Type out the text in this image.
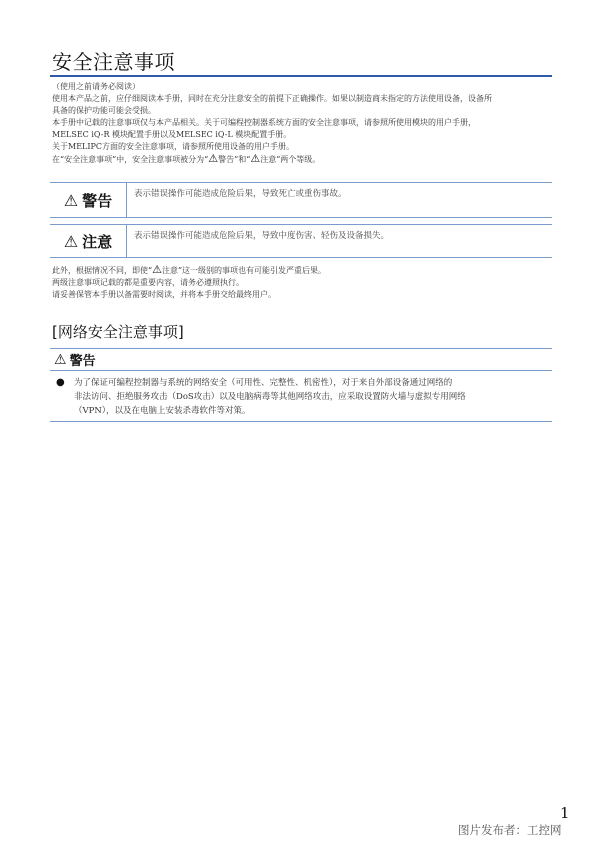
安全注意事项

（使用之前请务必阅读）

使用本产品之前，应仔细阅读本手册，同时在充分注意安全的前提下正确操作。如果以制造商未指定的方法使用设备，设备所

具备的保护功能可能会受损。

本手册中记载的注意事项仅与本产品相关。关于可编程控制器系统方面的安全注意事项，请参照所使用模块的用户手册，

MELSEC iQ-R 模块配置手册以及MELSEC iQ-L 模块配置手册。

关于MELIPC方面的安全注意事项，请参照所使用设备的用户手册。

在“安全注意事项”中，安全注意事项被分为“⚠警告”和“⚠注意”两个等级。

⚠ 警告	表示错误操作可能造成危险后果，导致死亡或重伤事故。
⚠ 注意	表示错误操作可能造成危险后果，导致中度伤害、轻伤及设备损失。

此外，根据情况不同，即使“⚠注意”这一级别的事项也有可能引发严重后果。

两级注意事项记载的都是重要内容，请务必遵照执行。

请妥善保管本手册以备需要时阅读，并将本手册交给最终用户。

[网络安全注意事项]
⚠ 警告
● 为了保证可编程控制器与系统的网络安全（可用性、完整性、机密性），对于来自外部设备通过网络的
非法访问、拒绝服务攻击（DoS攻击）以及电脑病毒等其他网络攻击，应采取设置防火墙与虚拟专用网络
（VPN），以及在电脑上安装杀毒软件等对策。
1
图片发布者：工控网
